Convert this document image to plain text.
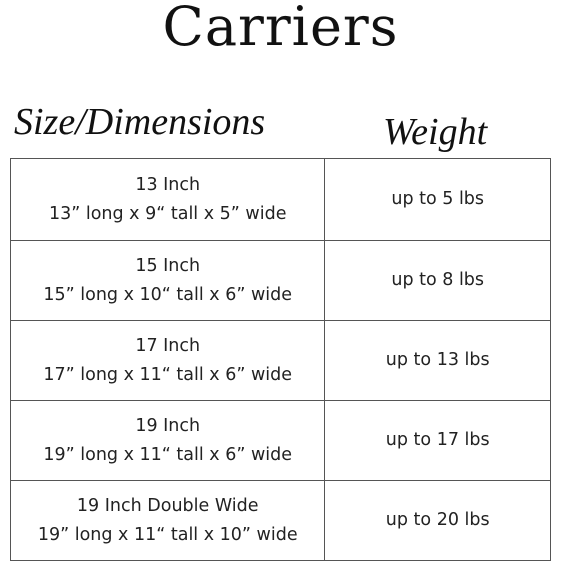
Carriers
Size/Dimensions	Weight
13 Inch
13” long x 9“ tall x 5” wide
up to 5 lbs
15 Inch
15” long x 10“ tall x 6” wide
up to 8 lbs
17 Inch
17” long x 11“ tall x 6” wide
up to 13 lbs
19 Inch
19” long x 11“ tall x 6” wide
up to 17 lbs
19 Inch Double Wide
19” long x 11“ tall x 10” wide
up to 20 lbs
